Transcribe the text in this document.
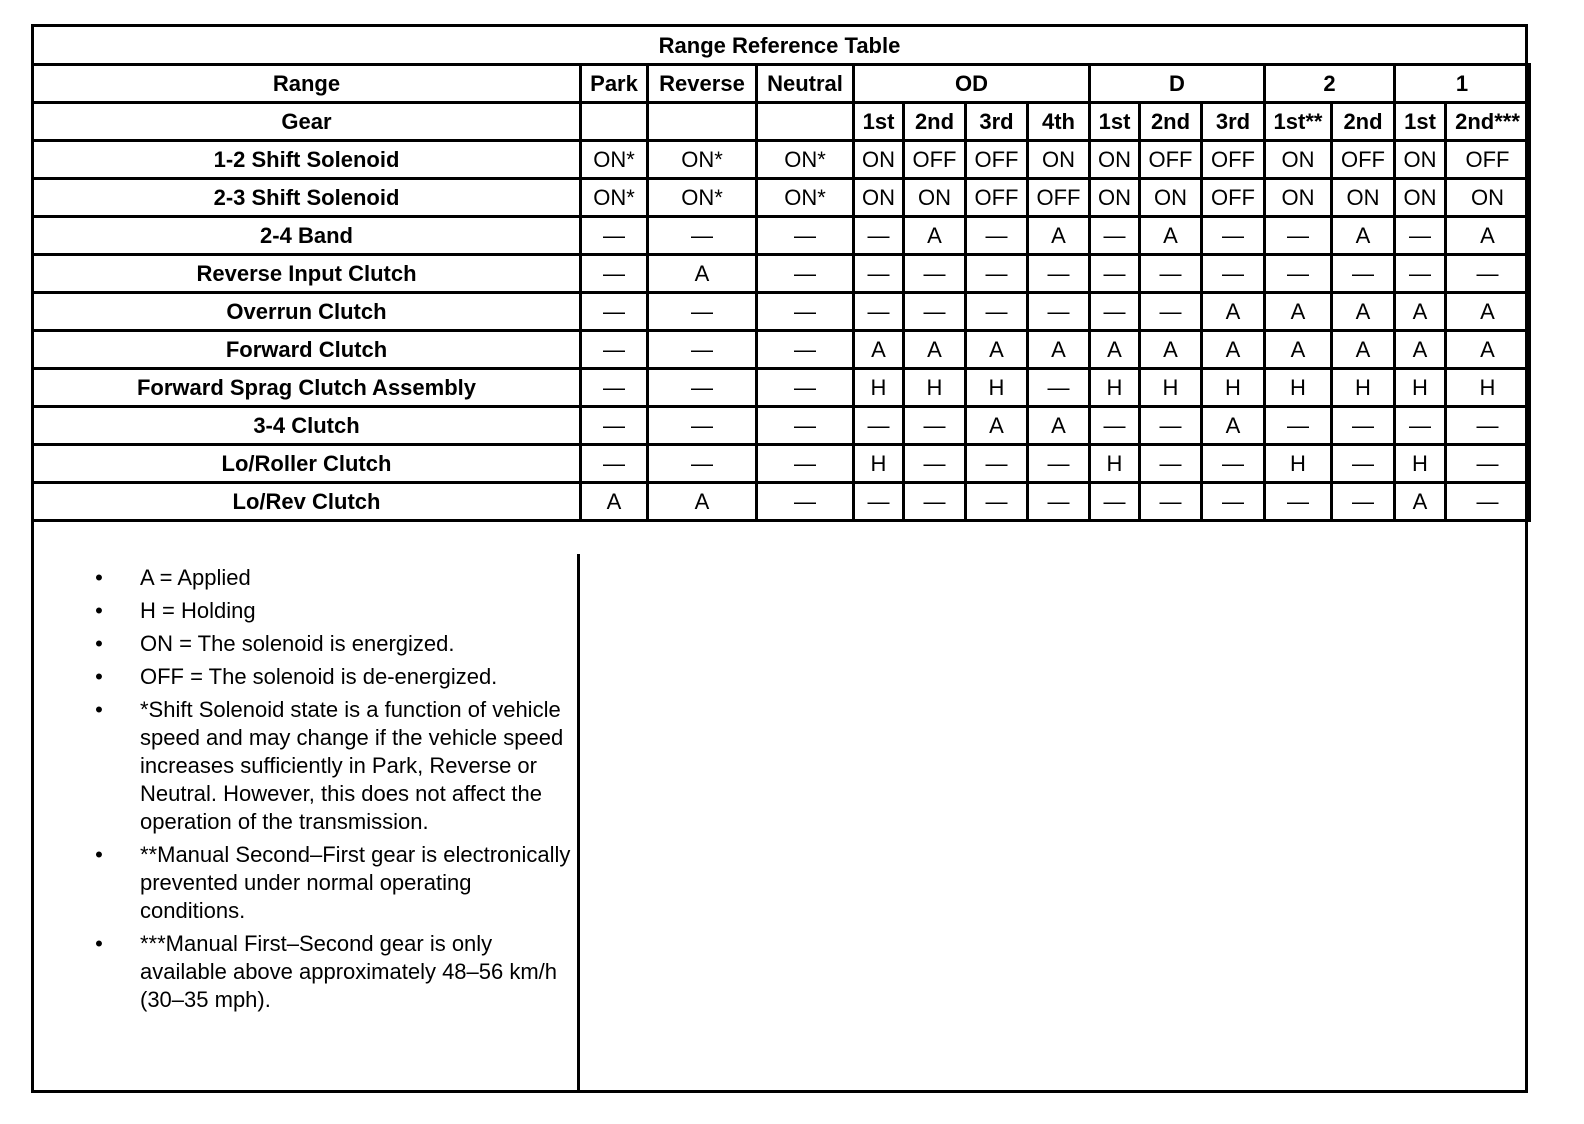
Range Reference Table
Range	Park	Reverse	Neutral	OD				D			2		1	
Gear				1st	2nd	3rd	4th	1st	2nd	3rd	1st**	2nd	1st	2nd***
1-2 Shift Solenoid	ON*	ON*	ON*	ON	OFF	OFF	ON	ON	OFF	OFF	ON	OFF	ON	OFF
2-3 Shift Solenoid	ON*	ON*	ON*	ON	ON	OFF	OFF	ON	ON	OFF	ON	ON	ON	ON
2-4 Band	—	—	—	—	A	—	A	—	A	—	—	A	—	A
Reverse Input Clutch	—	A	—	—	—	—	—	—	—	—	—	—	—	—
Overrun Clutch	—	—	—	—	—	—	—	—	—	A	A	A	A	A
Forward Clutch	—	—	—	A	A	A	A	A	A	A	A	A	A	A
Forward Sprag Clutch Assembly	—	—	—	H	H	H	—	H	H	H	H	H	H	H
3-4 Clutch	—	—	—	—	—	A	A	—	—	A	—	—	—	—
Lo/Roller Clutch	—	—	—	H	—	—	—	H	—	—	H	—	H	—
Lo/Rev Clutch	A	A	—	—	—	—	—	—	—	—	—	—	A	—
• A = Applied
• H = Holding
• ON = The solenoid is energized.
• OFF = The solenoid is de-energized.
• *Shift Solenoid state is a function of vehicle speed and may change if the vehicle speed increases sufficiently in Park, Reverse or Neutral. However, this does not affect the operation of the transmission.
• **Manual Second–First gear is electronically prevented under normal operating conditions.
• ***Manual First–Second gear is only available above approximately 48–56 km/h (30–35 mph).
